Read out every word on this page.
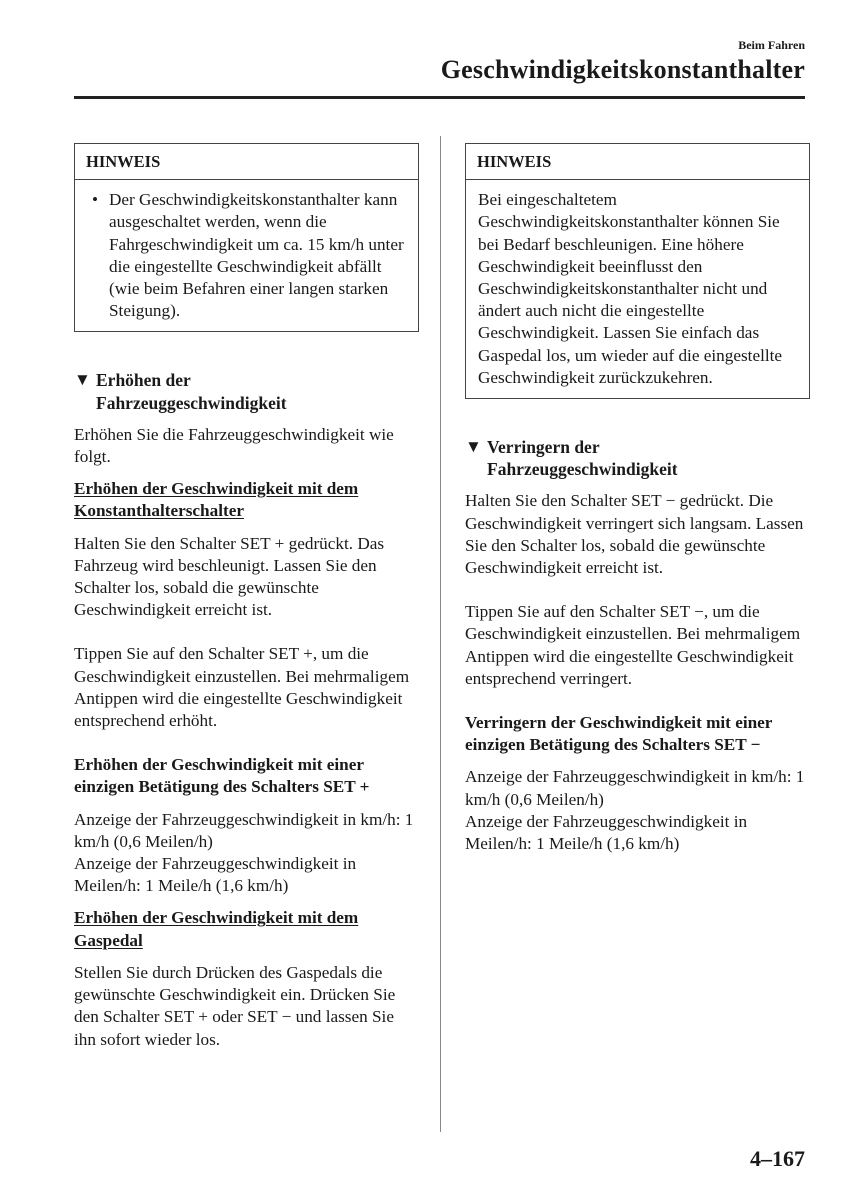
Beim Fahren
Geschwindigkeitskonstanthalter
HINWEIS
• Der Geschwindigkeitskonstanthalter kann ausgeschaltet werden, wenn die Fahrgeschwindigkeit um ca. 15 km/h unter die eingestellte Geschwindigkeit abfällt (wie beim Befahren einer langen starken Steigung).
▼ Erhöhen der
Fahrzeuggeschwindigkeit

Erhöhen Sie die Fahrzeuggeschwindigkeit wie folgt.

Erhöhen der Geschwindigkeit mit dem Konstanthalterschalter

Halten Sie den Schalter SET + gedrückt. Das Fahrzeug wird beschleunigt. Lassen Sie den Schalter los, sobald die gewünschte Geschwindigkeit erreicht ist.

Tippen Sie auf den Schalter SET +, um die Geschwindigkeit einzustellen. Bei mehrmaligem Antippen wird die eingestellte Geschwindigkeit entsprechend erhöht.

Erhöhen der Geschwindigkeit mit einer einzigen Betätigung des Schalters SET +

Anzeige der Fahrzeuggeschwindigkeit in km/h: 1 km/h (0,6 Meilen/h)

Anzeige der Fahrzeuggeschwindigkeit in Meilen/h: 1 Meile/h (1,6 km/h)

Erhöhen der Geschwindigkeit mit dem Gaspedal

Stellen Sie durch Drücken des Gaspedals die gewünschte Geschwindigkeit ein. Drücken Sie den Schalter SET + oder SET − und lassen Sie ihn sofort wieder los.

HINWEIS
Bei eingeschaltetem Geschwindigkeitskonstanthalter können Sie bei Bedarf beschleunigen. Eine höhere Geschwindigkeit beeinflusst den Geschwindigkeitskonstanthalter nicht und ändert auch nicht die eingestellte Geschwindigkeit. Lassen Sie einfach das Gaspedal los, um wieder auf die eingestellte Geschwindigkeit zurückzukehren.
▼ Verringern der
Fahrzeuggeschwindigkeit

Halten Sie den Schalter SET − gedrückt. Die Geschwindigkeit verringert sich langsam. Lassen Sie den Schalter los, sobald die gewünschte Geschwindigkeit erreicht ist.

Tippen Sie auf den Schalter SET −, um die Geschwindigkeit einzustellen. Bei mehrmaligem Antippen wird die eingestellte Geschwindigkeit entsprechend verringert.

Verringern der Geschwindigkeit mit einer einzigen Betätigung des Schalters SET −

Anzeige der Fahrzeuggeschwindigkeit in km/h: 1 km/h (0,6 Meilen/h)

Anzeige der Fahrzeuggeschwindigkeit in Meilen/h: 1 Meile/h (1,6 km/h)

4–167
